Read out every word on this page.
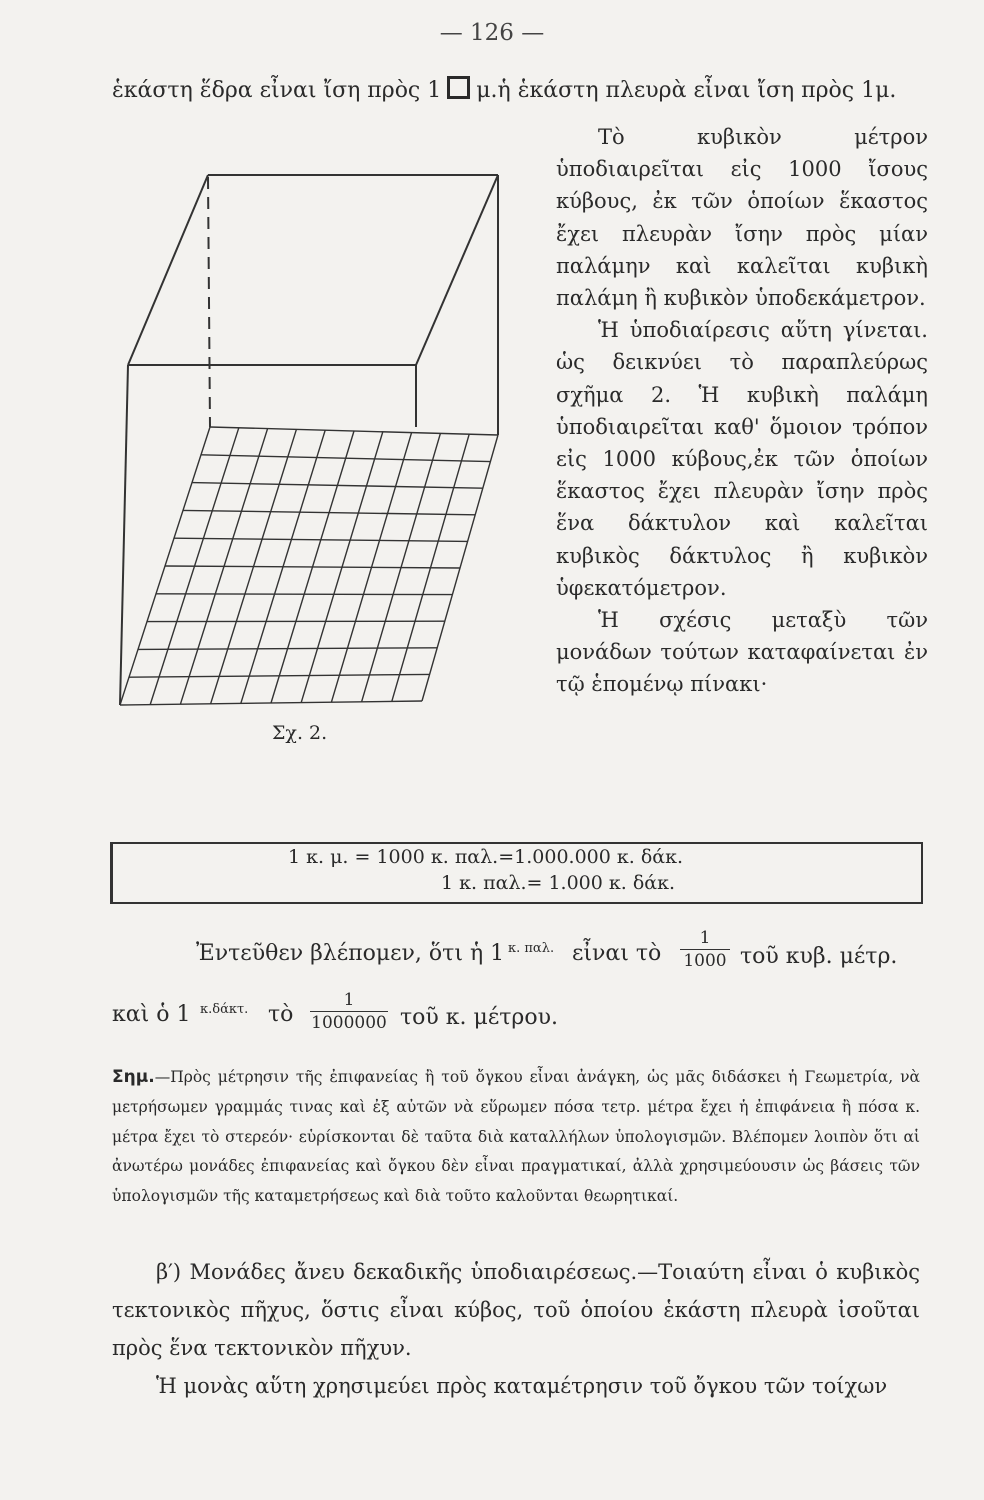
— 126 —
ἑκάστη ἕδρα εἶναι ἴση πρὸς 1 μ.ἡ ἑκάστη πλευρὰ εἶναι ἴση πρὸς 1μ.
Σχ. 2.

Τὸ κυβικὸν μέτρον ὑποδιαιρεῖται εἰς 1000 ἴσους κύβους, ἐκ τῶν ὁποίων ἕκαστος ἔχει πλευρὰν ἴσην πρὸς μίαν παλάμην καὶ καλεῖται κυβικὴ παλάμη ἢ κυβικὸν ὑποδεκάμετρον.

Ἡ ὑποδιαίρεσις αὕτη γίνεται. ὡς δεικνύει τὸ παραπλεύρως σχῆμα 2. Ἡ κυβικὴ παλάμη ὑποδιαιρεῖται καθ' ὅμοιον τρόπον εἰς 1000 κύβους,ἐκ τῶν ὁποίων ἕκαστος ἔχει πλευρὰν ἴσην πρὸς ἕνα δάκτυλον καὶ καλεῖται κυβικὸς δάκτυλος ἢ κυβικὸν ὑφεκατόμετρον.

Ἡ σχέσις μεταξὺ τῶν μονάδων τούτων καταφαίνεται ἐν τῷ ἑπομένῳ πίνακι·

1 κ. μ. = 1000 κ. παλ.=1.000.000 κ. δάκ.
1 κ. παλ.= 1.000 κ. δάκ.
Ἐντεῦθεν βλέπομεν, ὅτι ἡ 1 κ. παλ. εἶναι τὸ
1
1000 τοῦ κυβ. μέτρ.
καὶ ὁ 1 κ.δάκτ. τὸ
1
1000000 τοῦ κ. μέτρου.

Σημ.—Πρὸς μέτρησιν τῆς ἐπιφανείας ἢ τοῦ ὄγκου εἶναι ἀνάγκη, ὡς μᾶς διδάσκει ἡ Γεωμετρία, νὰ μετρήσωμεν γραμμάς τινας καὶ ἐξ αὐτῶν νὰ εὕρωμεν πόσα τετρ. μέτρα ἔχει ἡ ἐπιφάνεια ἢ πόσα κ. μέτρα ἔχει τὸ στερεόν· εὑρίσκονται δὲ ταῦτα διὰ καταλλήλων ὑπολογισμῶν. Βλέπομεν λοιπὸν ὅτι αἱ ἀνωτέρω μονάδες ἐπιφανείας καὶ ὄγκου δὲν εἶναι πραγματικαί, ἀλλὰ χρησιμεύουσιν ὡς βάσεις τῶν ὑπολογισμῶν τῆς καταμετρήσεως καὶ διὰ τοῦτο καλοῦνται θεωρητικαί.

β′) Μονάδες ἄνευ δεκαδικῆς ὑποδιαιρέσεως.—Τοιαύτη εἶναι ὁ κυβικὸς τεκτονικὸς πῆχυς, ὅστις εἶναι κύβος, τοῦ ὁποίου ἑκάστη πλευρὰ ἰσοῦται πρὸς ἕνα τεκτονικὸν πῆχυν.

Ἡ μονὰς αὕτη χρησιμεύει πρὸς καταμέτρησιν τοῦ ὄγκου τῶν τοίχων
